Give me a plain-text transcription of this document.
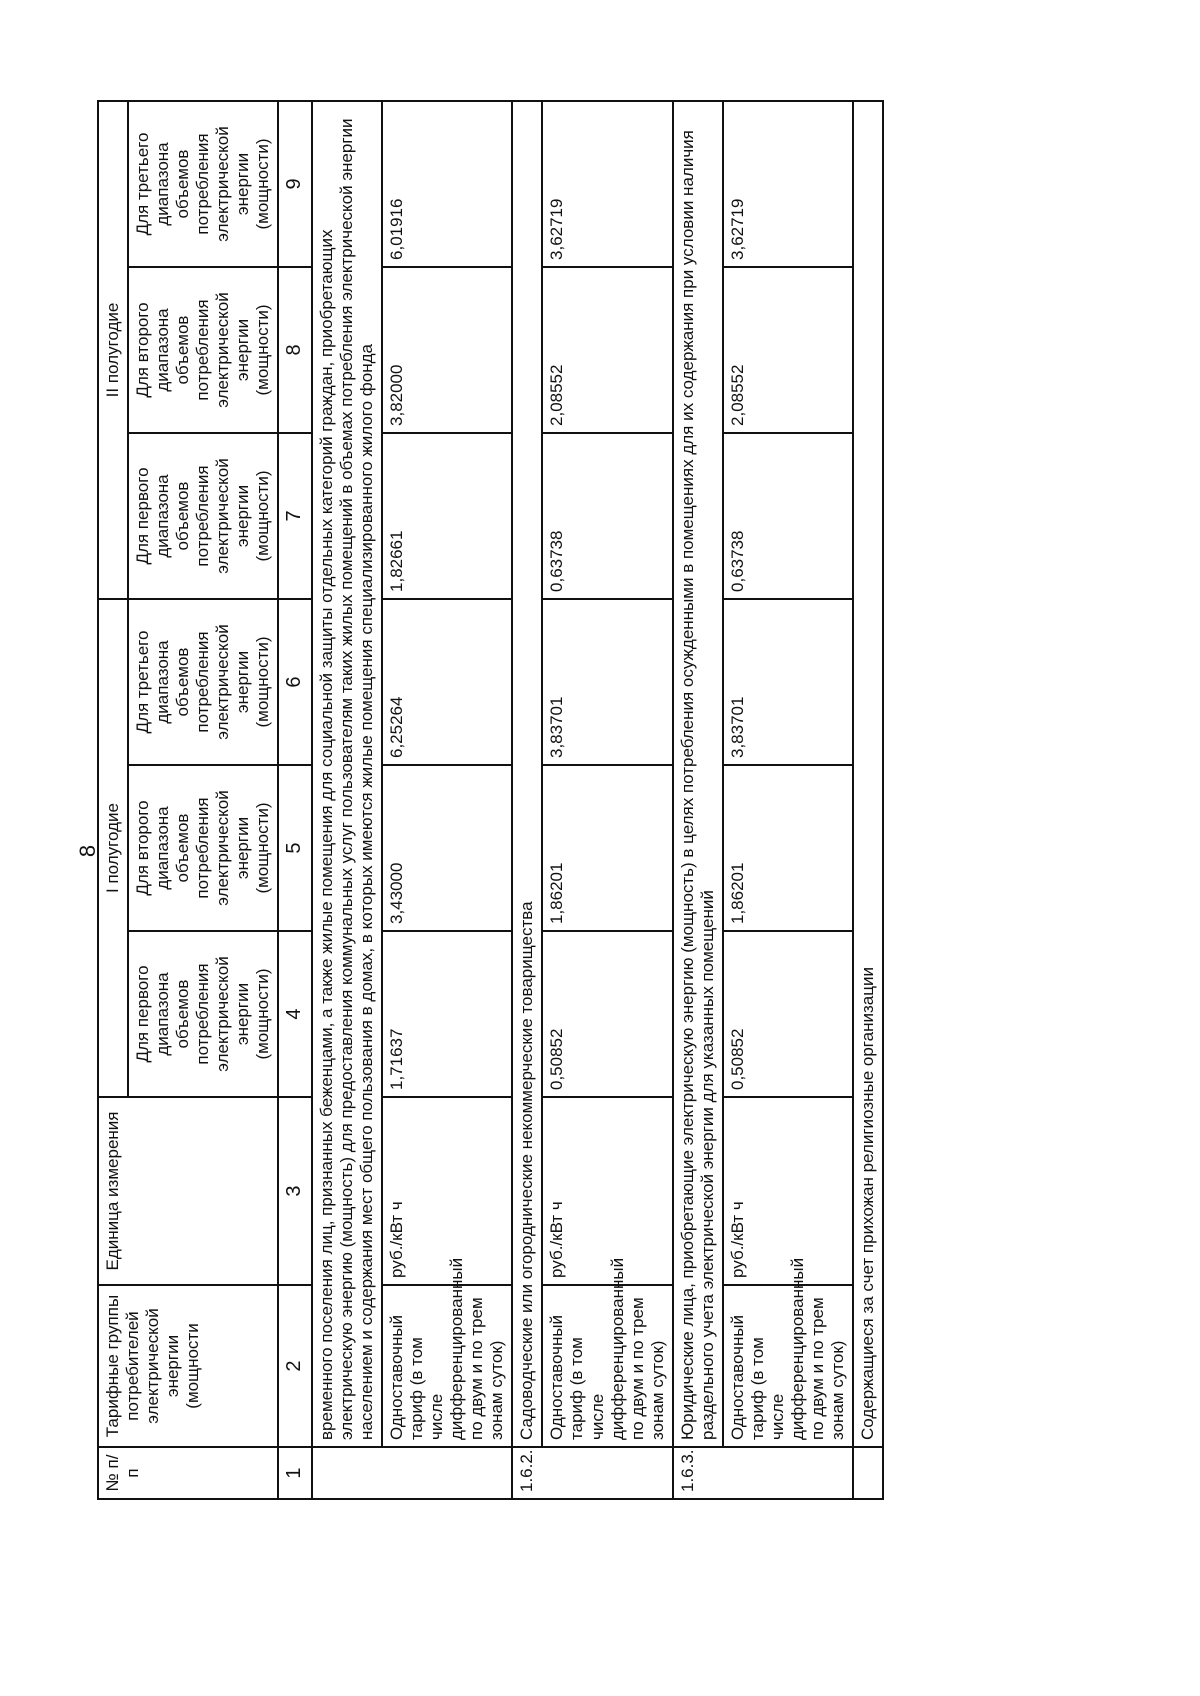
8
№ п/п	Тарифные группы потребителей электрической энергии (мощности	Единица измерения	I полугодие			II полугодие		
			Для первого диапазона объемов потребления электрической энергии (мощности)	Для второго диапазона объемов потребления электрической энергии (мощности)	Для третьего диапазона объемов потребления электрической энергии (мощности)	Для первого диапазона объемов потребления электрической энергии (мощности)	Для второго диапазона объемов потребления электрической энергии (мощности)	Для третьего диапазона объемов потребления электрической энергии (мощности)
1	2	3	4	5	6	7	8	9
	временного поселения лиц, признанных беженцами, а также жилые помещения для социальной защиты отдельных категорий граждан, приобретающих электрическую энергию (мощность) для предоставления коммунальных услуг пользователям таких жилых помещений в объемах потребления электрической энергии населением и содержания мест общего пользования в домах, в которых имеются жилые помещения специализированного жилого фонда							
	Одноставочный тариф (в том числе дифференцированный по двум и по трем зонам суток)	руб./кВт ч	1,71637	3,43000	6,25264	1,82661	3,82000	6,01916
1.6.2.	Садоводческие или огороднические некоммерческие товарищества							
	Одноставочный тариф (в том числе дифференцированный по двум и по трем зонам суток)	руб./кВт ч	0,50852	1,86201	3,83701	0,63738	2,08552	3,62719
1.6.3.	Юридические лица, приобретающие электрическую энергию (мощность) в целях потребления осужденными в помещениях для их содержания при условии наличия раздельного учета электрической энергии для указанных помещений							
	Одноставочный тариф (в том числе дифференцированный по двум и по трем зонам суток)	руб./кВт ч	0,50852	1,86201	3,83701	0,63738	2,08552	3,62719
	Содержащиеся за счет прихожан религиозные организации							
